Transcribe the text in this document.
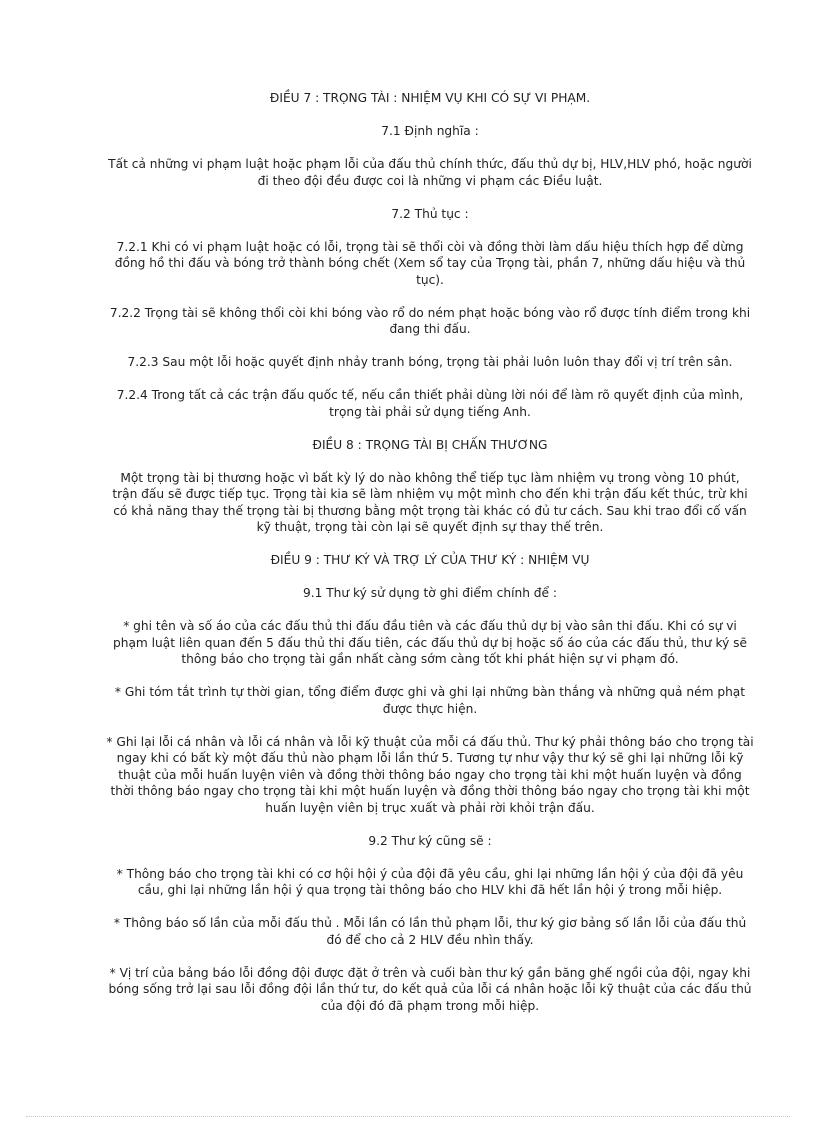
ĐIỀU 7 : TRỌNG TÀI : NHIỆM VỤ KHI CÓ SỰ VI PHẠM.

7.1 Định nghĩa :

Tất cả những vi phạm luật hoặc phạm lỗi của đấu thủ chính thức, đấu thủ dự bị, HLV,HLV phó, hoặc người đi theo đội đều được coi là những vi phạm các Điều luật.

7.2 Thủ tục :

7.2.1 Khi có vi phạm luật hoặc có lỗi, trọng tài sẽ thổi còi và đồng thời làm dấu hiệu thích hợp để dừng đồng hồ thi đấu và bóng trở thành bóng chết (Xem sổ tay của Trọng tài, phần 7, những dấu hiệu và thủ tục).

7.2.2 Trọng tài sẽ không thổi còi khi bóng vào rổ do ném phạt hoặc bóng vào rổ được tính điểm trong khi đang thi đấu.

7.2.3 Sau một lỗi hoặc quyết định nhảy tranh bóng, trọng tài phải luôn luôn thay đổi vị trí trên sân.

7.2.4 Trong tất cả các trận đấu quốc tế, nếu cần thiết phải dùng lời nói để làm rõ quyết định của mình, trọng tài phải sử dụng tiếng Anh.

ĐIỀU 8 : TRỌNG TÀI BỊ CHẤN THƯƠNG

Một trọng tài bị thương hoặc vì bất kỳ lý do nào không thể tiếp tục làm nhiệm vụ trong vòng 10 phút, trận đấu sẽ được tiếp tục. Trọng tài kia sẽ làm nhiệm vụ một mình cho đến khi trận đấu kết thúc, trừ khi có khả năng thay thế trọng tài bị thương bằng một trọng tài khác có đủ tư cách. Sau khi trao đổi cố vấn kỹ thuật, trọng tài còn lại sẽ quyết định sự thay thế trên.

ĐIỀU 9 : THƯ KÝ VÀ TRỢ LÝ CỦA THƯ KÝ : NHIỆM VỤ

9.1 Thư ký sử dụng tờ ghi điểm chính để :

* ghi tên và số áo của các đấu thủ thi đấu đầu tiên và các đấu thủ dự bị vào sân thi đấu. Khi có sự vi phạm luật liên quan đến 5 đấu thủ thi đấu tiên, các đấu thủ dự bị hoặc số áo của các đấu thủ, thư ký sẽ thông báo cho trọng tài gần nhất càng sớm càng tốt khi phát hiện sự vi phạm đó.

* Ghi tóm tắt trình tự thời gian, tổng điểm được ghi và ghi lại những bàn thắng và những quả ném phạt được thực hiện.

* Ghi lại lỗi cá nhân và lỗi cá nhân và lỗi kỹ thuật của mỗi cá đấu thủ. Thư ký phải thông báo cho trọng tài ngay khi có bất kỳ một đấu thủ nào phạm lỗi lần thứ 5. Tương tự như vậy thư ký sẽ ghi lại những lỗi kỹ thuật của mỗi huấn luyện viên và đồng thời thông báo ngay cho trọng tài khi một huấn luyện và đồng thời thông báo ngay cho trọng tài khi một huấn luyện và đồng thời thông báo ngay cho trọng tài khi một huấn luyện viên bị trục xuất và phải rời khỏi trận đấu.

9.2 Thư ký cũng sẽ :

* Thông báo cho trọng tài khi có cơ hội hội ý của đội đã yêu cầu, ghi lại những lần hội ý của đội đã yêu cầu, ghi lại những lần hội ý qua trọng tài thông báo cho HLV khi đã hết lần hội ý trong mỗi hiệp.

* Thông báo số lần của mỗi đấu thủ . Mỗi lần có lần thủ phạm lỗi, thư ký giơ bảng số lần lỗi của đấu thủ đó để cho cả 2 HLV đều nhìn thấy.

* Vị trí của bảng báo lỗi đồng đội được đặt ở trên và cuối bàn thư ký gần băng ghế ngồi của đội, ngay khi bóng sống trở lại sau lỗi đồng đội lần thứ tư, do kết quả của lỗi cá nhân hoặc lỗi kỹ thuật của các đấu thủ của đội đó đã phạm trong mỗi hiệp.
